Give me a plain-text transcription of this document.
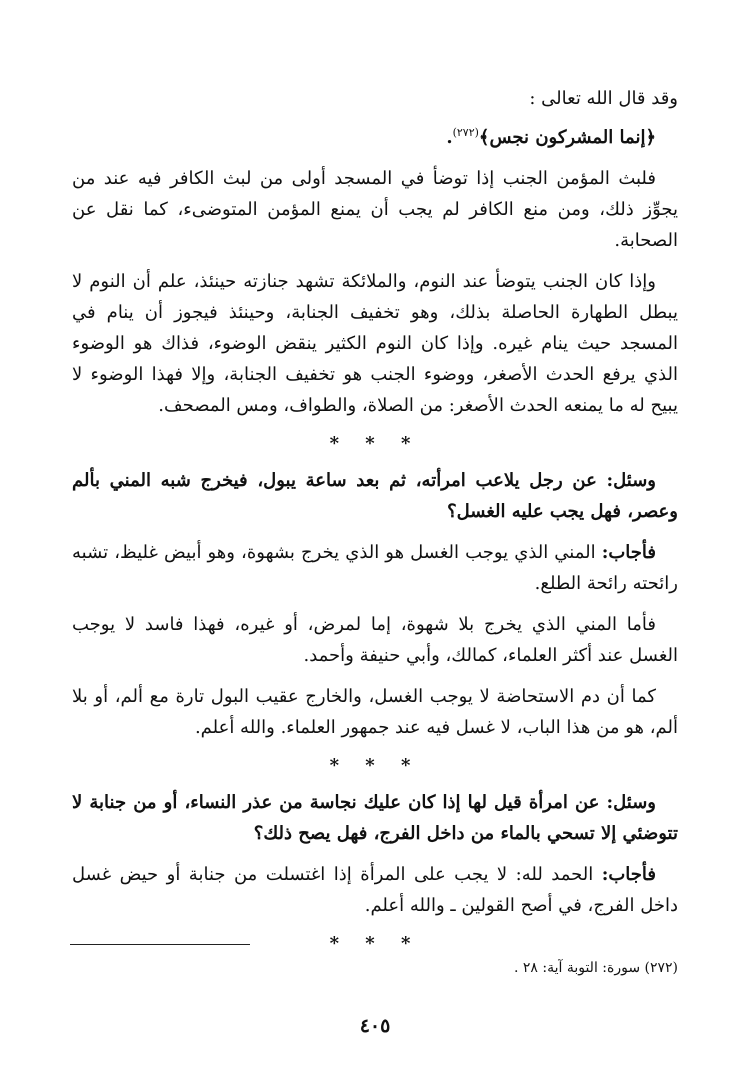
وقد قال الله تعالى :

﴿إنما المشركون نجس﴾$^{(٢٧٢)}$.

فلبث المؤمن الجنب إذا توضأ في المسجد أولى من لبث الكافر فيه عند من يجوِّز ذلك، ومن منع الكافر لم يجب أن يمنع المؤمن المتوضىء، كما نقل عن الصحابة.

وإذا كان الجنب يتوضأ عند النوم، والملائكة تشهد جنازته حينئذ، علم أن النوم لا يبطل الطهارة الحاصلة بذلك، وهو تخفيف الجنابة، وحينئذ فيجوز أن ينام في المسجد حيث ينام غيره. وإذا كان النوم الكثير ينقض الوضوء، فذاك هو الوضوء الذي يرفع الحدث الأصغر، ووضوء الجنب هو تخفيف الجنابة، وإلا فهذا الوضوء لا يبيح له ما يمنعه الحدث الأصغر: من الصلاة، والطواف، ومس المصحف.

* * *

وسئل: عن رجل يلاعب امرأته، ثم بعد ساعة يبول، فيخرج شبه المني بألم وعصر، فهل يجب عليه الغسل؟

فأجاب: المني الذي يوجب الغسل هو الذي يخرج بشهوة، وهو أبيض غليظ، تشبه رائحته رائحة الطلع.

فأما المني الذي يخرج بلا شهوة، إما لمرض، أو غيره، فهذا فاسد لا يوجب الغسل عند أكثر العلماء، كمالك، وأبي حنيفة وأحمد.

كما أن دم الاستحاضة لا يوجب الغسل، والخارج عقيب البول تارة مع ألم، أو بلا ألم، هو من هذا الباب، لا غسل فيه عند جمهور العلماء. والله أعلم.

* * *

وسئل: عن امرأة قيل لها إذا كان عليك نجاسة من عذر النساء، أو من جنابة لا تتوضئي إلا تسحي بالماء من داخل الفرج، فهل يصح ذلك؟

فأجاب: الحمد لله: لا يجب على المرأة إذا اغتسلت من جنابة أو حيض غسل داخل الفرج، في أصح القولين ـ والله أعلم.

* * *
(٢٧٢) سورة: التوبة آية: ٢٨ .
٤٠٥
